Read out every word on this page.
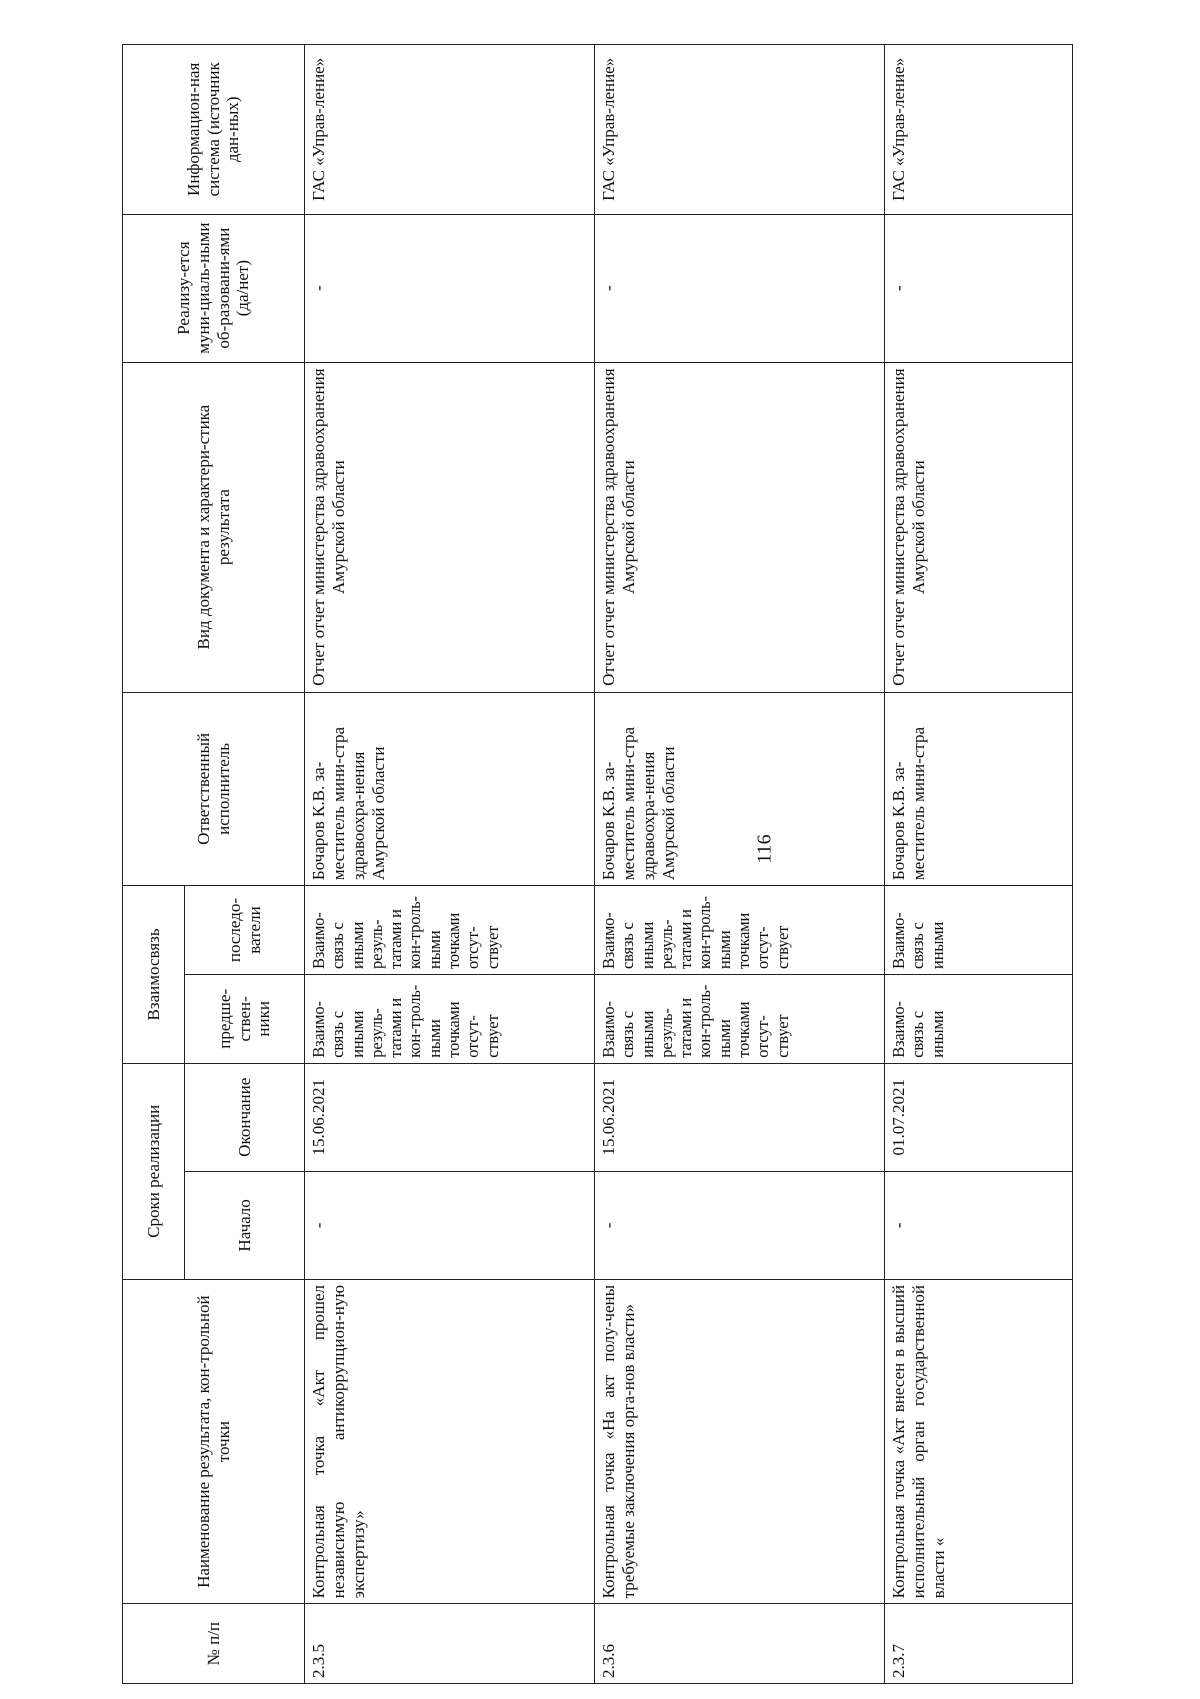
116
№ п/п	Наименование результата, кон-трольной точки	Сроки реализации		Взаимосвязь		Ответственный исполнитель	Вид документа и характери-стика результата	Реализу-ется муни-циаль-ными об-разовани-ями (да/нет)	Информацион-ная система (источник дан-ных)
		Начало	Окончание	предше-ствен-ники	последо-ватели				
2.3.5	Контрольная точка «Акт прошел независимую антикоррупцион-ную экспертизу»	-	15.06.2021	Взаимо-связь с иными резуль-татами и кон-троль-ными точками отсут-ствует	Взаимо-связь с иными резуль-татами и кон-троль-ными точками отсут-ствует	Бочаров К.В. за-меститель мини-стра здравоохра-нения Амурской области	Отчет отчет министерства здравоохранения Амурской области	-	ГАС «Управ-ление»
2.3.6	Контрольная точка «На акт полу-чены требуемые заключения орга-нов власти»	-	15.06.2021	Взаимо-связь с иными резуль-татами и кон-троль-ными точками отсут-ствует	Взаимо-связь с иными резуль-татами и кон-троль-ными точками отсут-ствует	Бочаров К.В. за-меститель мини-стра здравоохра-нения Амурской области	Отчет отчет министерства здравоохранения Амурской области	-	ГАС «Управ-ление»
2.3.7	Контрольная точка «Акт внесен в высший исполнительный орган государственной власти «	-	01.07.2021	Взаимо-связь с иными	Взаимо-связь с иными	Бочаров К.В. за-меститель мини-стра	Отчет отчет министерства здравоохранения Амурской области	-	ГАС «Управ-ление»
